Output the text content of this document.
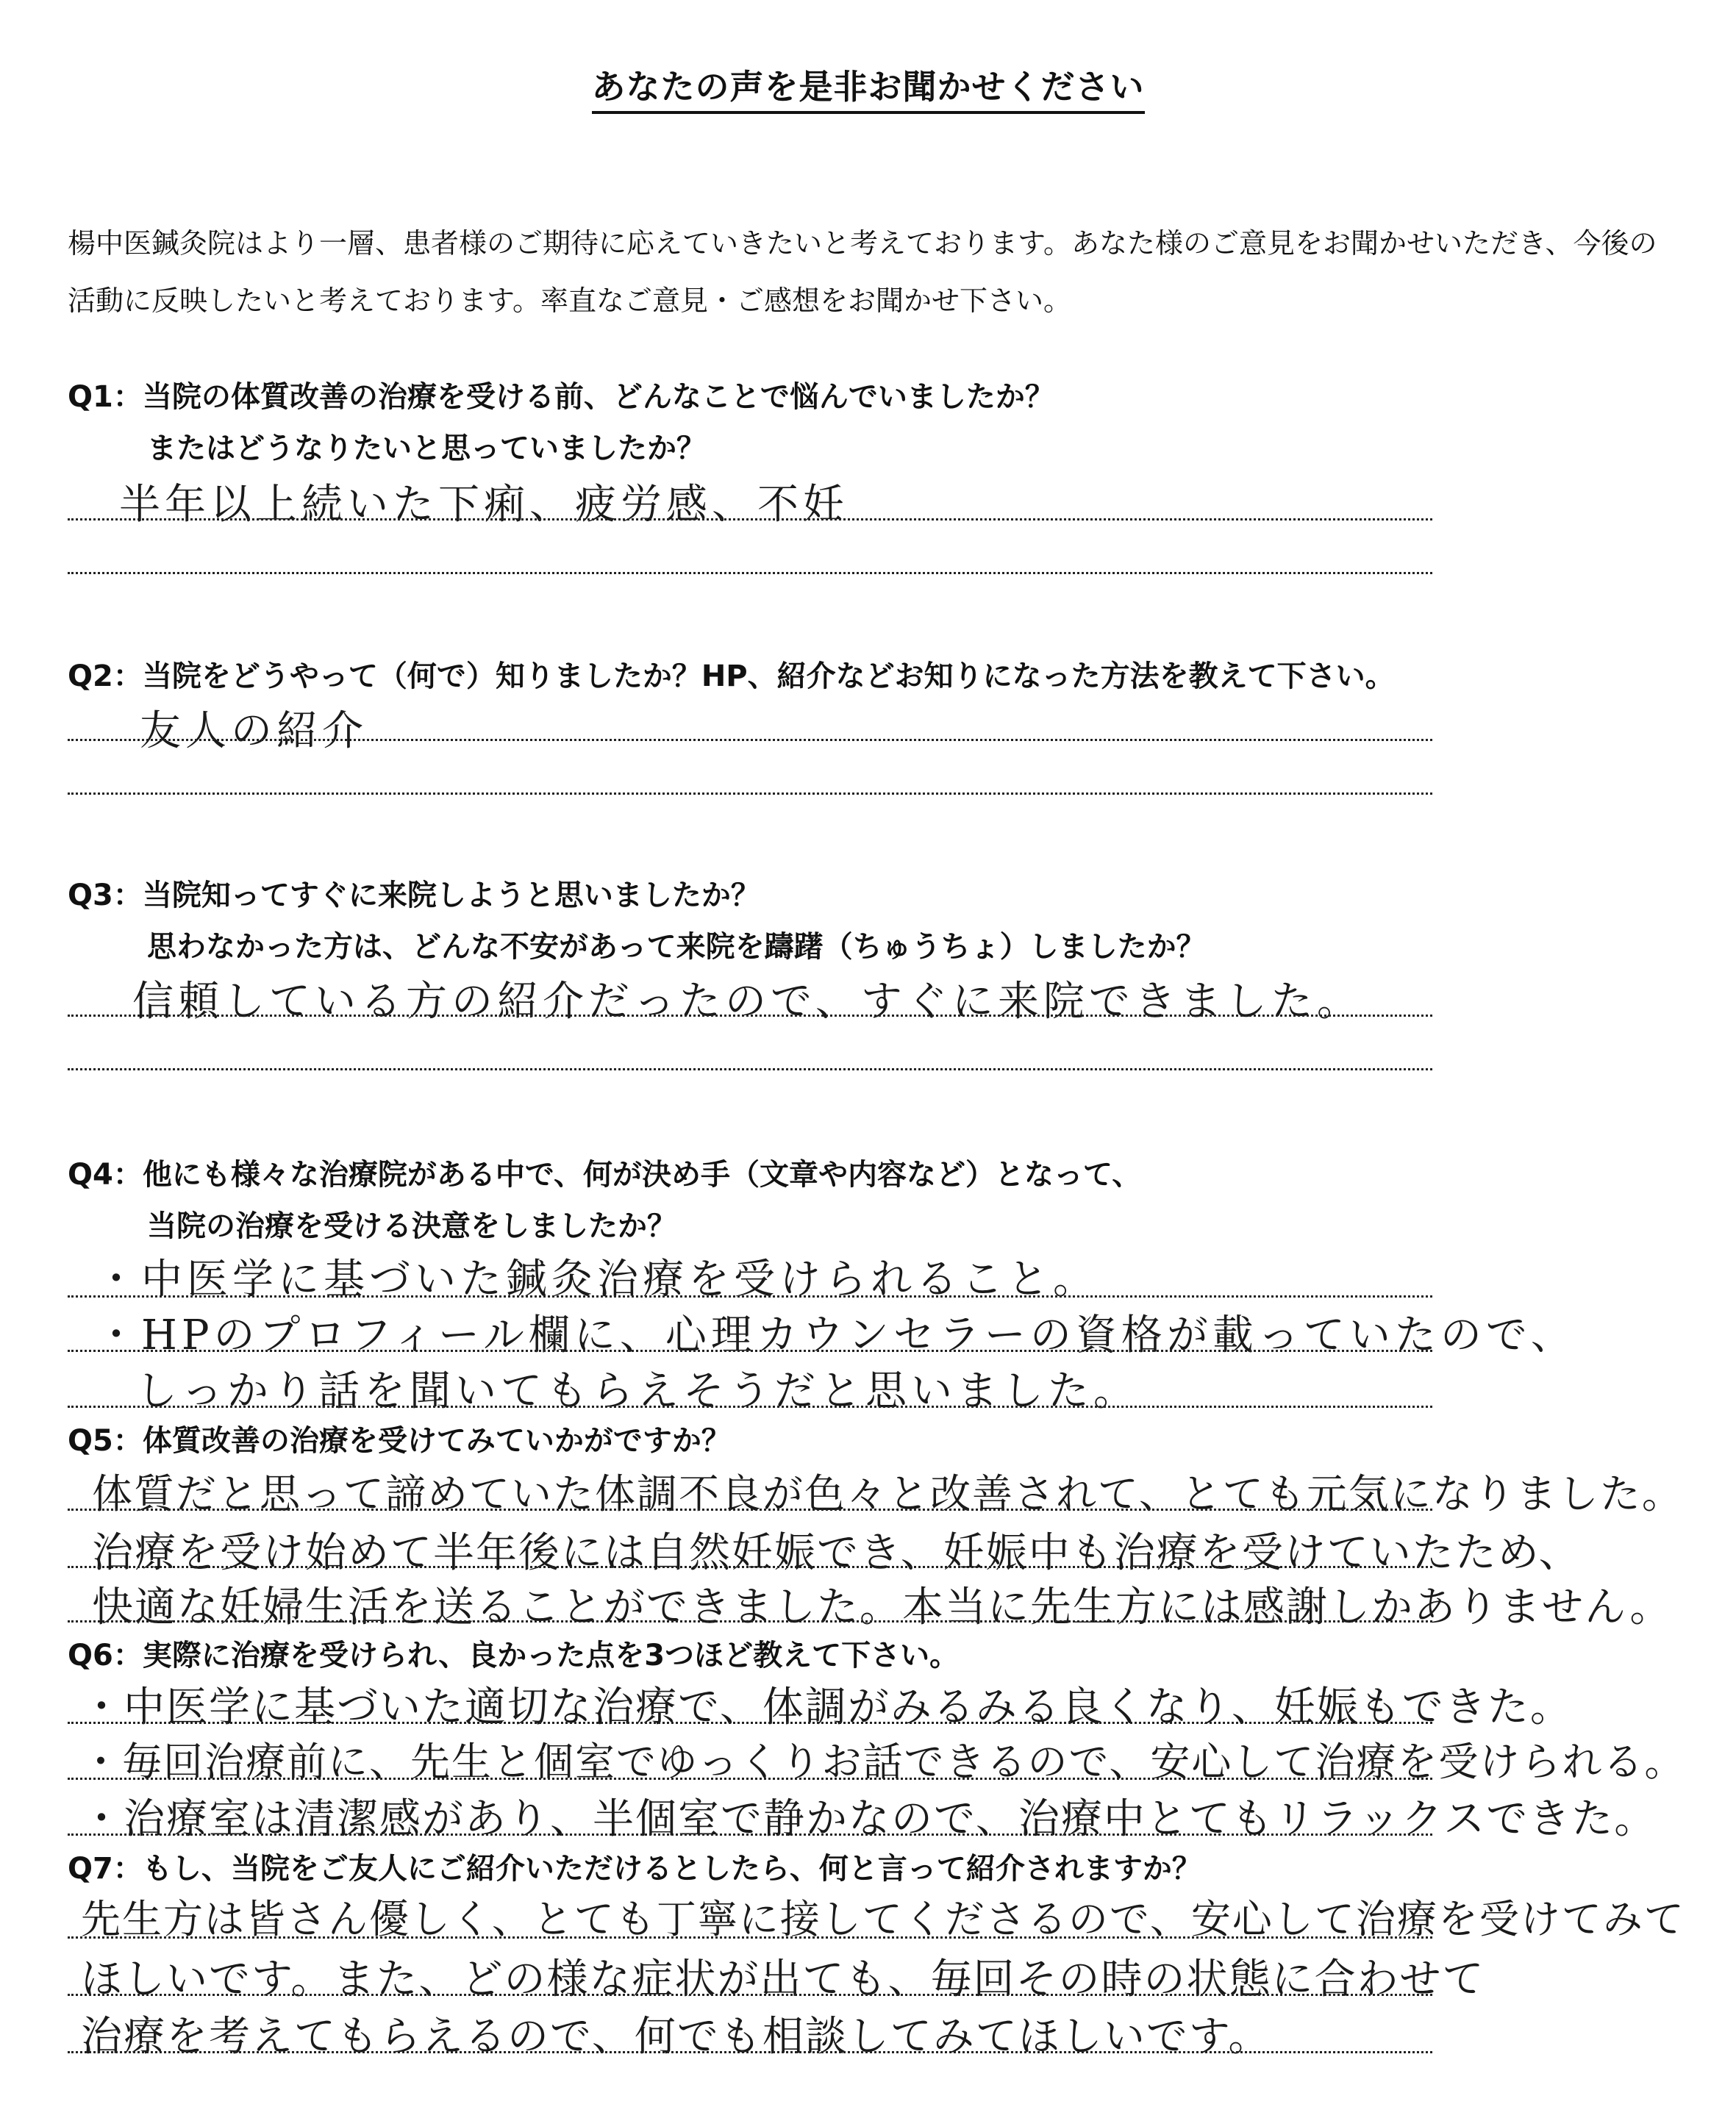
あなたの声を是非お聞かせください
楊中医鍼灸院はより一層、患者様のご期待に応えていきたいと考えております。あなた様のご意見をお聞かせいただき、今後の活動に反映したいと考えております。率直なご意見・ご感想をお聞かせ下さい。
Q1：当院の体質改善の治療を受ける前、どんなことで悩んでいましたか？
またはどうなりたいと思っていましたか？
半年以上続いた下痢、疲労感、不妊
Q2：当院をどうやって（何で）知りましたか？HP、紹介などお知りになった方法を教えて下さい。
友人の紹介
Q3：当院知ってすぐに来院しようと思いましたか？
思わなかった方は、どんな不安があって来院を躊躇（ちゅうちょ）しましたか？
信頼している方の紹介だったので、すぐに来院できました。
Q4：他にも様々な治療院がある中で、何が決め手（文章や内容など）となって、
当院の治療を受ける決意をしましたか？
・中医学に基づいた鍼灸治療を受けられること。
・HPのプロフィール欄に、心理カウンセラーの資格が載っていたので、
しっかり話を聞いてもらえそうだと思いました。
Q5：体質改善の治療を受けてみていかがですか？
体質だと思って諦めていた体調不良が色々と改善されて、とても元気になりました。
治療を受け始めて半年後には自然妊娠でき、妊娠中も治療を受けていたため、
快適な妊婦生活を送ることができました。本当に先生方には感謝しかありません。
Q6：実際に治療を受けられ、良かった点を3つほど教えて下さい。
・中医学に基づいた適切な治療で、体調がみるみる良くなり、妊娠もできた。
・毎回治療前に、先生と個室でゆっくりお話できるので、安心して治療を受けられる。
・治療室は清潔感があり、半個室で静かなので、治療中とてもリラックスできた。
Q7：もし、当院をご友人にご紹介いただけるとしたら、何と言って紹介されますか？
先生方は皆さん優しく、とても丁寧に接してくださるので、安心して治療を受けてみて
ほしいです。また、どの様な症状が出ても、毎回その時の状態に合わせて
治療を考えてもらえるので、何でも相談してみてほしいです。
